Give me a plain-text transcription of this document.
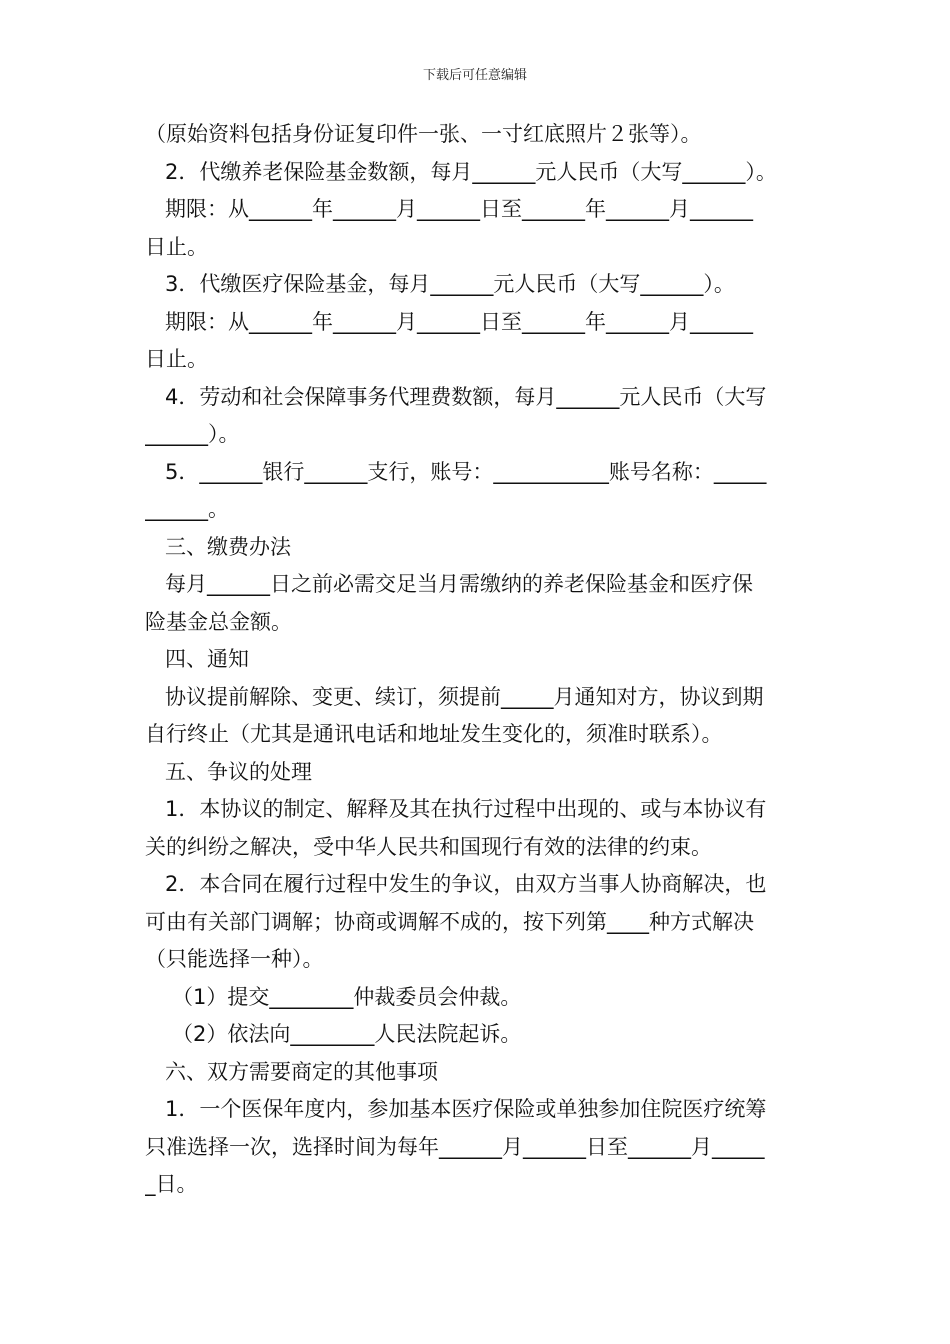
下载后可任意编辑
（原始资料包括身份证复印件一张、一寸红底照片２张等）。
2．代缴养老保险基金数额，每月______元人民币（大写______）。
期限：从______年______月______日至______年______月______
日止。
3．代缴医疗保险基金，每月______元人民币（大写______）。
期限：从______年______月______日至______年______月______
日止。
4．劳动和社会保障事务代理费数额，每月______元人民币（大写
______）。
5．______银行______支行，账号：___________账号名称：_____
______。
三、缴费办法
每月______日之前必需交足当月需缴纳的养老保险基金和医疗保
险基金总金额。
四、通知
协议提前解除、变更、续订，须提前_____月通知对方，协议到期
自行终止（尤其是通讯电话和地址发生变化的，须准时联系）。
五、争议的处理
1．本协议的制定、解释及其在执行过程中出现的、或与本协议有
关的纠纷之解决，受中华人民共和国现行有效的法律的约束。
2．本合同在履行过程中发生的争议，由双方当事人协商解决，也
可由有关部门调解；协商或调解不成的，按下列第____种方式解决
（只能选择一种）。
（1）提交________仲裁委员会仲裁。
（2）依法向________人民法院起诉。
六、双方需要商定的其他事项
1．一个医保年度内，参加基本医疗保险或单独参加住院医疗统筹
只准选择一次，选择时间为每年______月______日至______月_____
_日。
